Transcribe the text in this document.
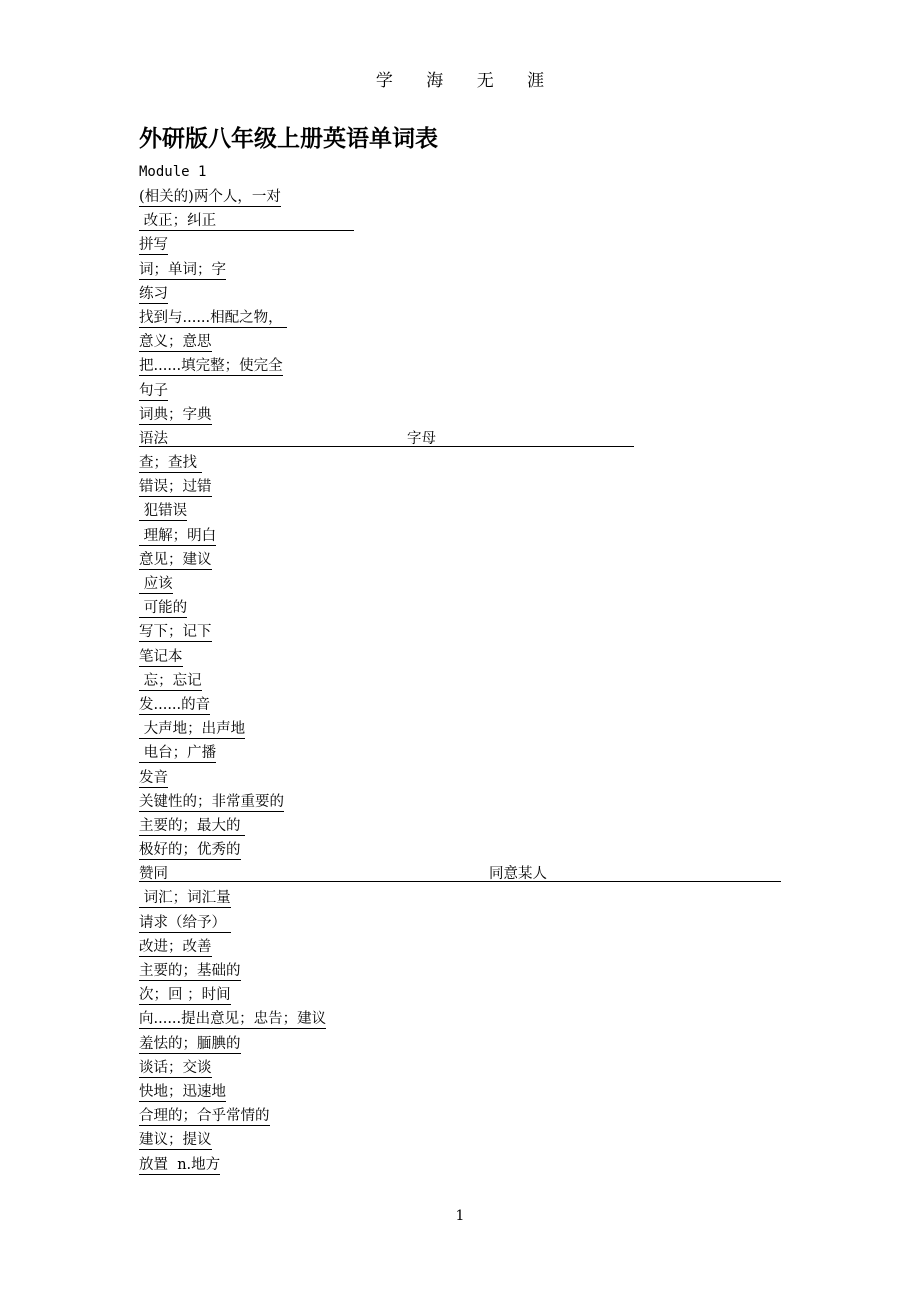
学 海 无 涯
外研版八年级上册英语单词表
Module 1
(相关的)两个人，一对
改正；纠正
拼写
词；单词；字
练习
找到与......相配之物，
意义；意思
把......填完整；使完全
句子
词典；字典
语法	字母
查；查找
错误；过错
犯错误
理解；明白
意见；建议
应该
可能的
写下；记下
笔记本
忘；忘记
发......的音
大声地；出声地
电台；广播
发音
关键性的；非常重要的
主要的；最大的
极好的；优秀的
赞同	同意某人
词汇；词汇量
请求（给予）
改进；改善
主要的；基础的
次；回 ；时间
向......提出意见；忠告；建议
羞怯的；腼腆的
谈话；交谈
快地；迅速地
合理的；合乎常情的
建议；提议
放置  n.地方
1
